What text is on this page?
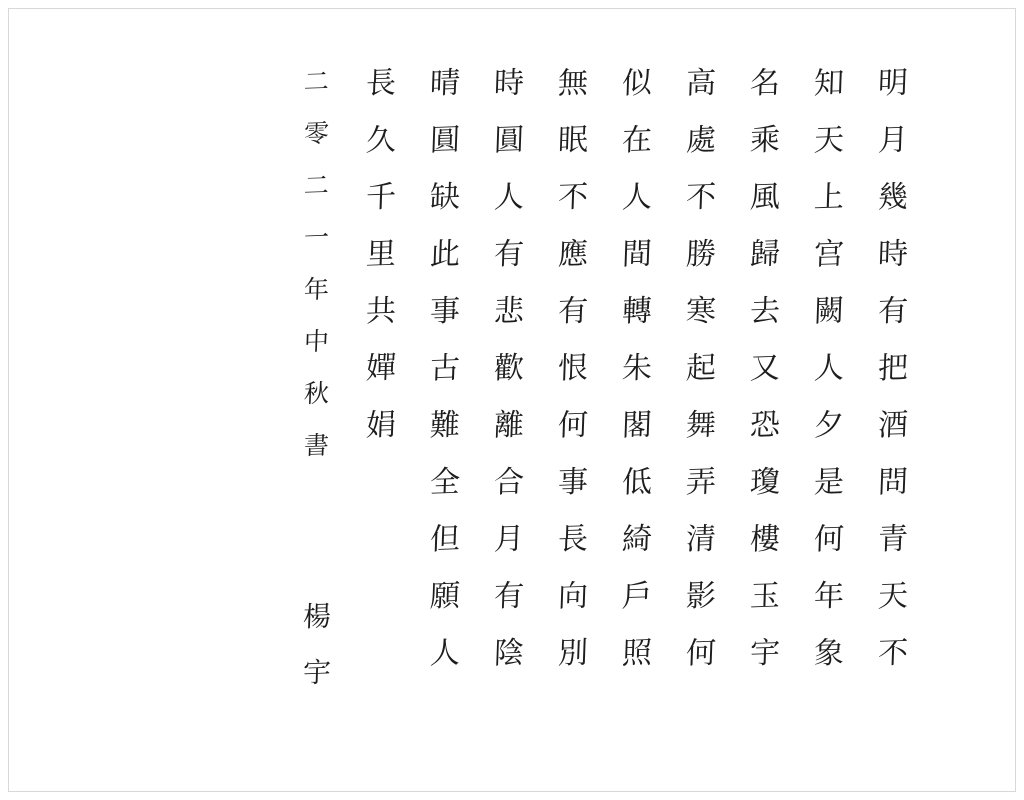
明
月
幾
時
有
把
酒
問
青
天
不
知
天
上
宫
闕
人
夕
是
何
年
象
名
乘
風
歸
去
又
恐
瓊
樓
玉
宇
高
處
不
勝
寒
起
舞
弄
清
影
何
似
在
人
間
轉
朱
閣
低
綺
戶
照
無
眠
不
應
有
恨
何
事
長
向
別
時
圓
人
有
悲
歡
離
合
月
有
陰
晴
圓
缺
此
事
古
難
全
但
願
人
長
久
千
里
共
嬋
娟
二
零
二
一
年
中
秋
書
楊
宇
